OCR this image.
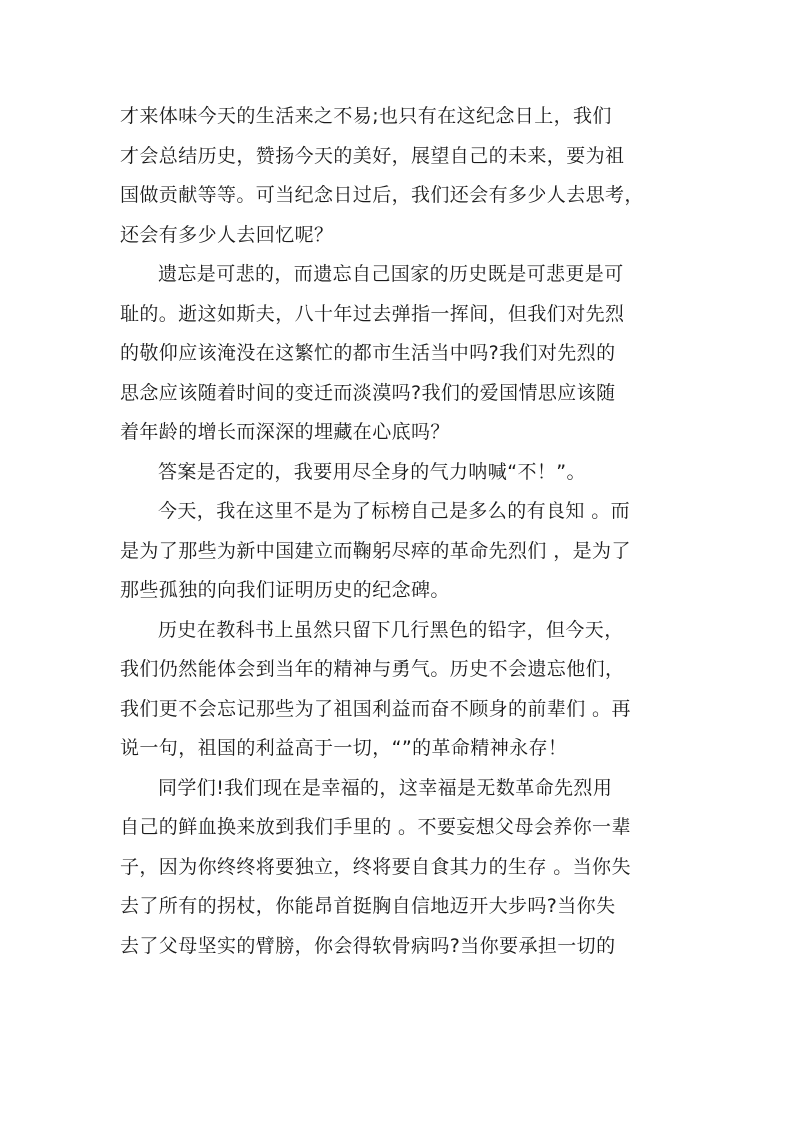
才来体味今天的生活来之不易;也只有在这纪念日上，我们
才会总结历史，赞扬今天的美好，展望自己的未来，要为祖
国做贡献等等。可当纪念日过后，我们还会有多少人去思考，
还会有多少人去回忆呢？

遗忘是可悲的，而遗忘自己国家的历史既是可悲更是可
耻的。逝这如斯夫，八十年过去弹指一挥间，但我们对先烈
的敬仰应该淹没在这繁忙的都市生活当中吗?我们对先烈的
思念应该随着时间的变迁而淡漠吗?我们的爱国情思应该随
着年龄的增长而深深的埋藏在心底吗？

答案是否定的，我要用尽全身的气力呐喊“不！”。

今天，我在这里不是为了标榜自己是多么的有良知 。而
是为了那些为新中国建立而鞠躬尽瘁的革命先烈们 ，是为了
那些孤独的向我们证明历史的纪念碑。

历史在教科书上虽然只留下几行黑色的铅字，但今天，
我们仍然能体会到当年的精神与勇气。历史不会遗忘他们，
我们更不会忘记那些为了祖国利益而奋不顾身的前辈们 。再
说一句，祖国的利益高于一切，“”的革命精神永存！

同学们!我们现在是幸福的，这幸福是无数革命先烈用
自己的鲜血换来放到我们手里的 。不要妄想父母会养你一辈
子，因为你终终将要独立，终将要自食其力的生存 。当你失
去了所有的拐杖，你能昂首挺胸自信地迈开大步吗?当你失
去了父母坚实的臂膀，你会得软骨病吗?当你要承担一切的
